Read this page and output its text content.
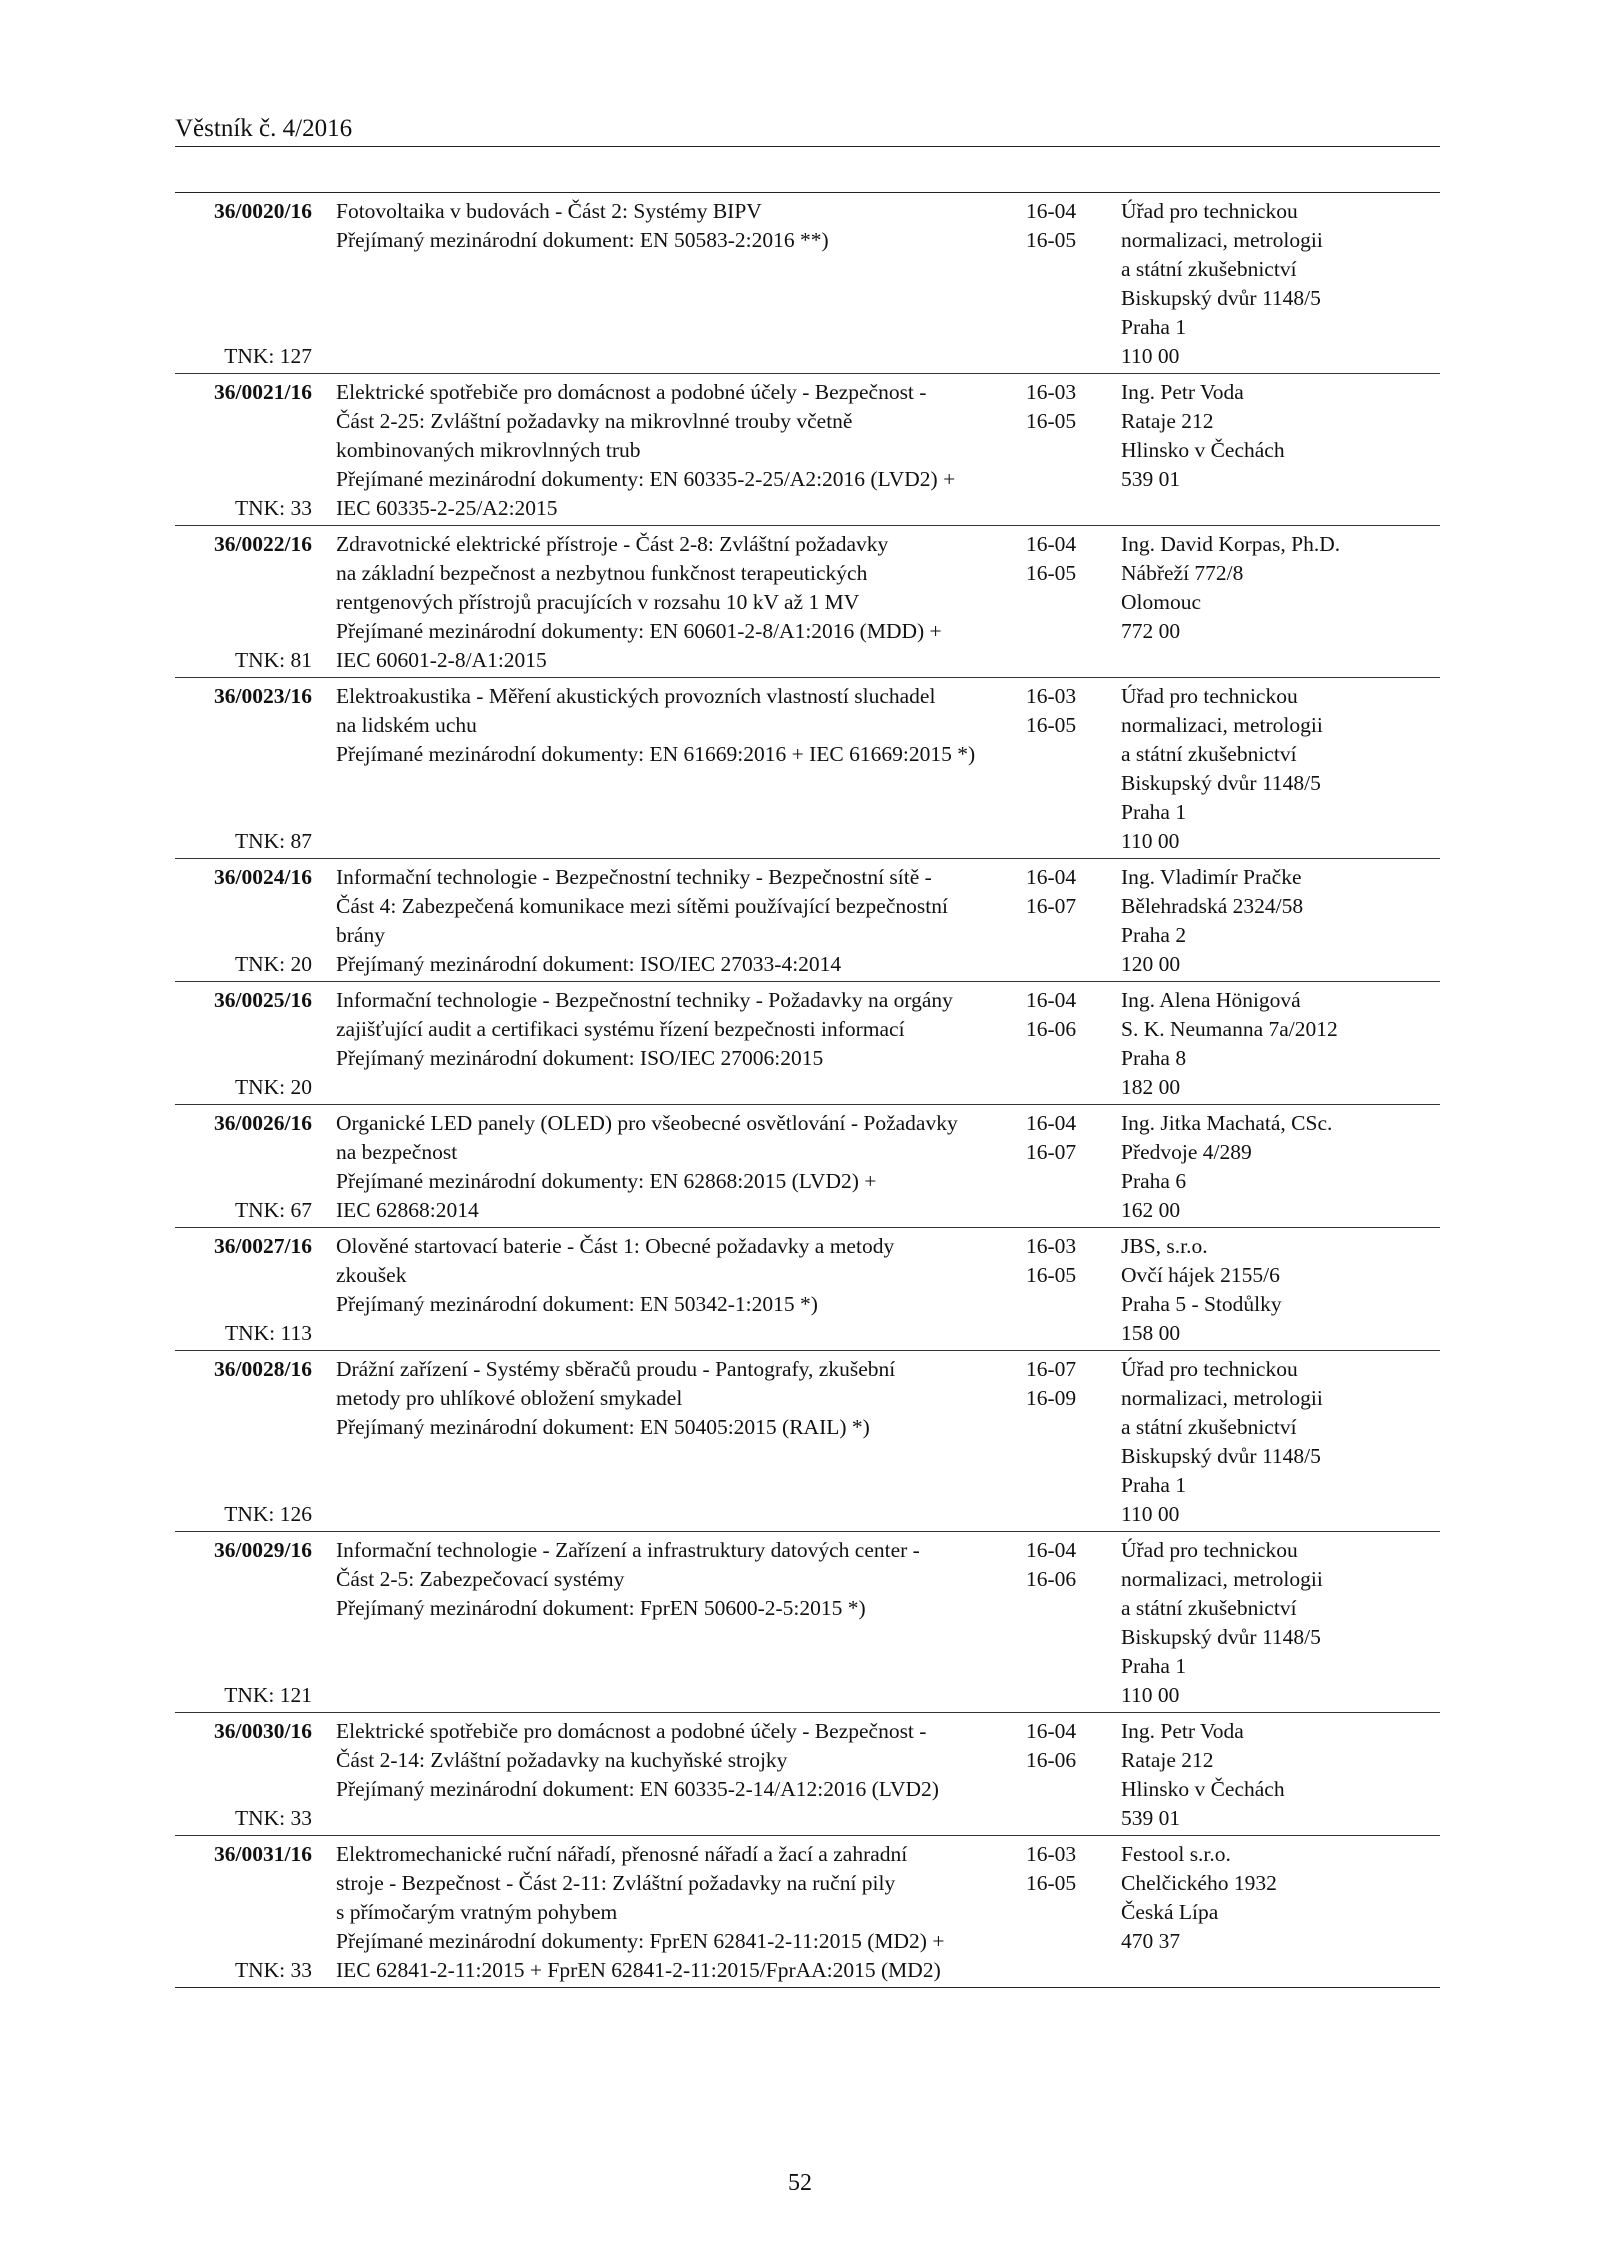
Věstník č. 4/2016
36/0020/16
TNK: 127
Fotovoltaika v budovách - Část 2: Systémy BIPV
Přejímaný mezinárodní dokument: EN 50583-2:2016 **)
16-04
16-05
Úřad pro technickou
normalizaci, metrologii
a státní zkušebnictví
Biskupský dvůr 1148/5
Praha 1
110 00
36/0021/16
TNK: 33
Elektrické spotřebiče pro domácnost a podobné účely - Bezpečnost -
Část 2-25: Zvláštní požadavky na mikrovlnné trouby včetně
kombinovaných mikrovlnných trub
Přejímané mezinárodní dokumenty: EN 60335-2-25/A2:2016 (LVD2) +
IEC 60335-2-25/A2:2015
16-03
16-05
Ing. Petr Voda
Rataje 212
Hlinsko v Čechách
539 01
36/0022/16
TNK: 81
Zdravotnické elektrické přístroje - Část 2-8: Zvláštní požadavky
na základní bezpečnost a nezbytnou funkčnost terapeutických
rentgenových přístrojů pracujících v rozsahu 10 kV až 1 MV
Přejímané mezinárodní dokumenty: EN 60601-2-8/A1:2016 (MDD) +
IEC 60601-2-8/A1:2015
16-04
16-05
Ing. David Korpas, Ph.D.
Nábřeží 772/8
Olomouc
772 00
36/0023/16
TNK: 87
Elektroakustika - Měření akustických provozních vlastností sluchadel
na lidském uchu
Přejímané mezinárodní dokumenty: EN 61669:2016 + IEC 61669:2015 *)
16-03
16-05
Úřad pro technickou
normalizaci, metrologii
a státní zkušebnictví
Biskupský dvůr 1148/5
Praha 1
110 00
36/0024/16
TNK: 20
Informační technologie - Bezpečnostní techniky - Bezpečnostní sítě -
Část 4: Zabezpečená komunikace mezi sítěmi používající bezpečnostní
brány
Přejímaný mezinárodní dokument: ISO/IEC 27033-4:2014
16-04
16-07
Ing. Vladimír Pračke
Bělehradská 2324/58
Praha 2
120 00
36/0025/16
TNK: 20
Informační technologie - Bezpečnostní techniky - Požadavky na orgány
zajišťující audit a certifikaci systému řízení bezpečnosti informací
Přejímaný mezinárodní dokument: ISO/IEC 27006:2015
16-04
16-06
Ing. Alena Hönigová
S. K. Neumanna 7a/2012
Praha 8
182 00
36/0026/16
TNK: 67
Organické LED panely (OLED) pro všeobecné osvětlování - Požadavky
na bezpečnost
Přejímané mezinárodní dokumenty: EN 62868:2015 (LVD2) +
IEC 62868:2014
16-04
16-07
Ing. Jitka Machatá, CSc.
Předvoje 4/289
Praha 6
162 00
36/0027/16
TNK: 113
Olověné startovací baterie - Část 1: Obecné požadavky a metody
zkoušek
Přejímaný mezinárodní dokument: EN 50342-1:2015 *)
16-03
16-05
JBS, s.r.o.
Ovčí hájek 2155/6
Praha 5 - Stodůlky
158 00
36/0028/16
TNK: 126
Drážní zařízení - Systémy sběračů proudu - Pantografy, zkušební
metody pro uhlíkové obložení smykadel
Přejímaný mezinárodní dokument: EN 50405:2015 (RAIL) *)
16-07
16-09
Úřad pro technickou
normalizaci, metrologii
a státní zkušebnictví
Biskupský dvůr 1148/5
Praha 1
110 00
36/0029/16
TNK: 121
Informační technologie - Zařízení a infrastruktury datových center -
Část 2-5: Zabezpečovací systémy
Přejímaný mezinárodní dokument: FprEN 50600-2-5:2015 *)
16-04
16-06
Úřad pro technickou
normalizaci, metrologii
a státní zkušebnictví
Biskupský dvůr 1148/5
Praha 1
110 00
36/0030/16
TNK: 33
Elektrické spotřebiče pro domácnost a podobné účely - Bezpečnost -
Část 2-14: Zvláštní požadavky na kuchyňské strojky
Přejímaný mezinárodní dokument: EN 60335-2-14/A12:2016 (LVD2)
16-04
16-06
Ing. Petr Voda
Rataje 212
Hlinsko v Čechách
539 01
36/0031/16
TNK: 33
Elektromechanické ruční nářadí, přenosné nářadí a žací a zahradní
stroje - Bezpečnost - Část 2-11: Zvláštní požadavky na ruční pily
s přímočarým vratným pohybem
Přejímané mezinárodní dokumenty: FprEN 62841-2-11:2015 (MD2) +
IEC 62841-2-11:2015 + FprEN 62841-2-11:2015/FprAA:2015 (MD2)
16-03
16-05
Festool s.r.o.
Chelčického 1932
Česká Lípa
470 37
52
